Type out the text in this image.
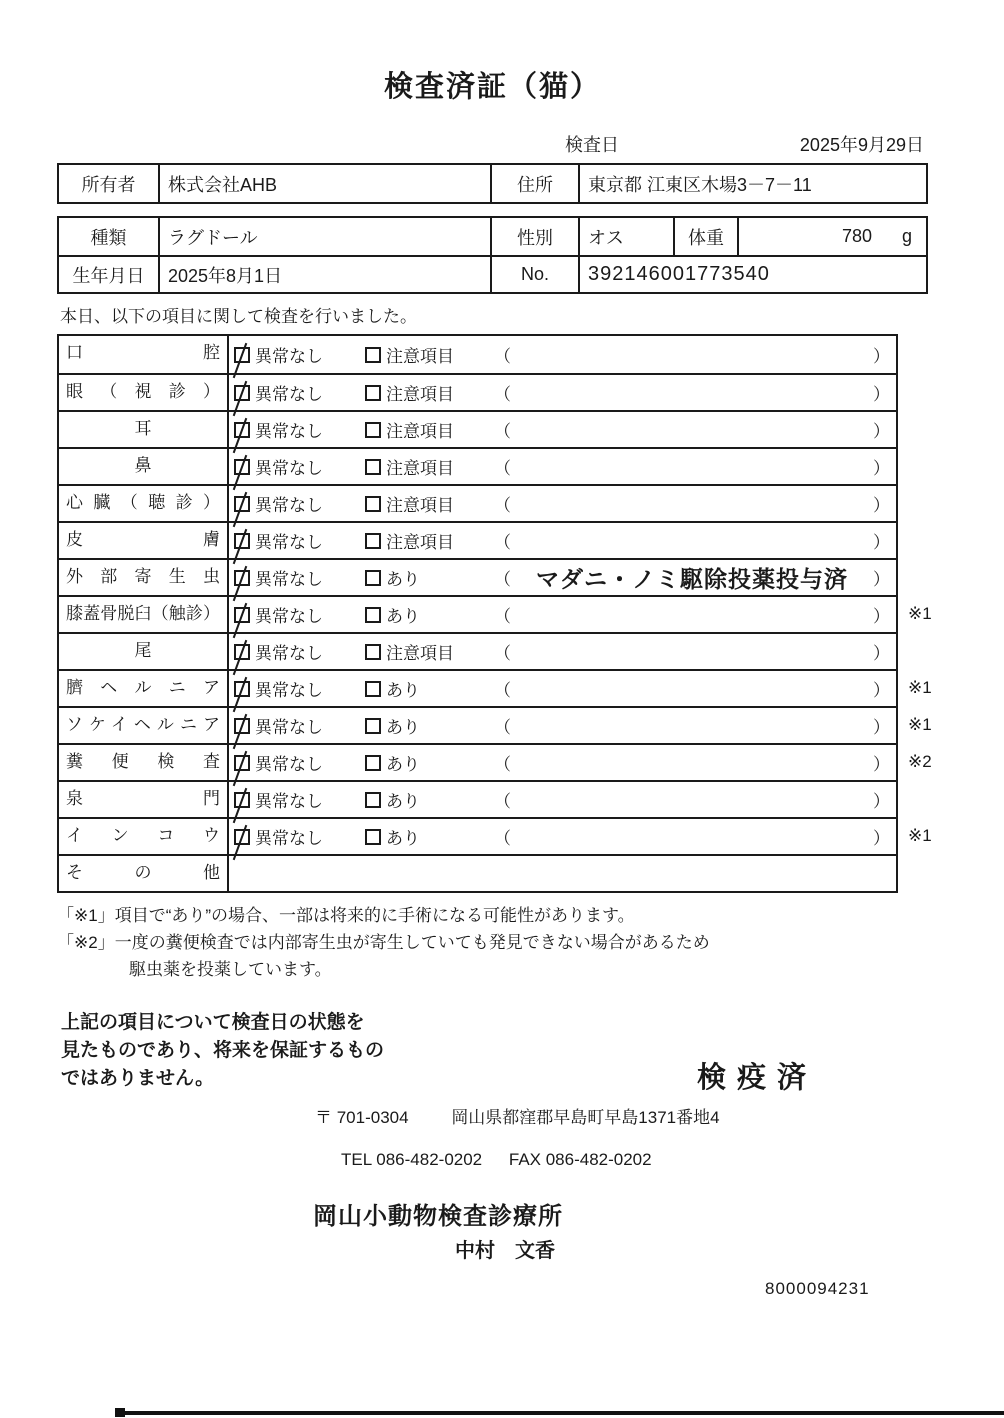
検査済証（猫）
検査日	2025年9月29日
所有者	株式会社AHB	住所	東京都 江東区木場3－7－11
種類	ラグドール	性別	オス	体重	780 g
生年月日	2025年8月1日	No.	392146001773540
本日、以下の項目に関して検査を行いました。
口腔	異常なし	注意項目	（	）
眼（視診）	異常なし	注意項目	（	）
耳	異常なし	注意項目	（	）
鼻	異常なし	注意項目	（	）
心臓（聴診）	異常なし	注意項目	（	）
皮膚	異常なし	注意項目	（	）
外部寄生虫	異常なし	あり	（	マダニ・ノミ駆除投薬投与済	）
膝蓋骨脱臼（触診）	異常なし	あり	（	） ※1
尾	異常なし	注意項目	（	）
臍ヘルニア	異常なし	あり	（	） ※1
ソケイヘルニア	異常なし	あり	（	） ※1
糞便検査	異常なし	あり	（	） ※2
泉門	異常なし	あり	（	）
インコウ	異常なし	あり	（	） ※1
その他
「※1」項目で“あり”の場合、一部は将来的に手術になる可能性があります。
「※2」一度の糞便検査では内部寄生虫が寄生していても発見できない場合があるため
駆虫薬を投薬しています。
上記の項目について検査日の状態を
見たものであり、将来を保証するもの
ではありません。	検疫済
〒 701-0304	岡山県都窪郡早島町早島1371番地4
TEL 086-482-0202 FAX 086-482-0202
岡山小動物検査診療所
中村　文香
8000094231
